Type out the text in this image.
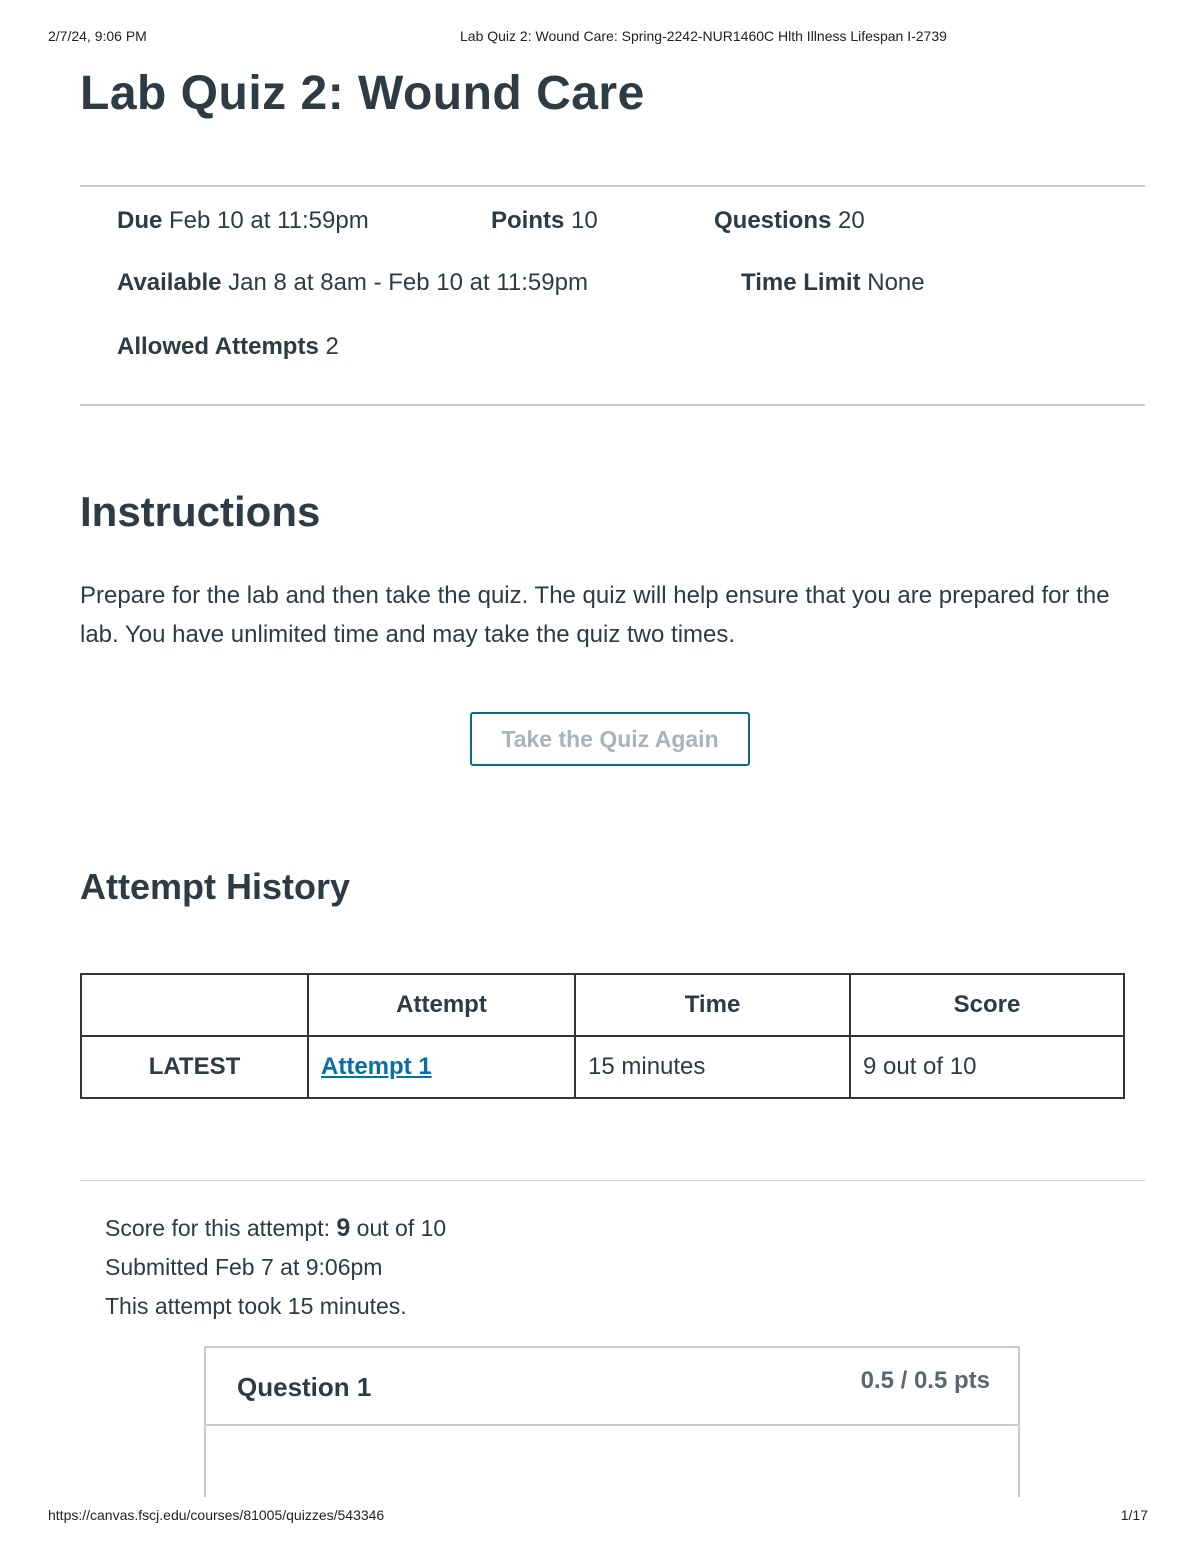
2/7/24, 9:06 PM	Lab Quiz 2: Wound Care: Spring-2242-NUR1460C Hlth Illness Lifespan I-2739
Lab Quiz 2: Wound Care
Due Feb 10 at 11:59pm	Points 10	Questions 20
Available Jan 8 at 8am - Feb 10 at 11:59pm	Time Limit None
Allowed Attempts 2
Instructions
Prepare for the lab and then take the quiz. The quiz will help ensure that you are prepared for the lab. You have unlimited time and may take the quiz two times.
Take the Quiz Again
Attempt History
	Attempt	Time	Score
LATEST	Attempt 1	15 minutes	9 out of 10
Score for this attempt: 9 out of 10
Submitted Feb 7 at 9:06pm
This attempt took 15 minutes.
Question 1	0.5 / 0.5 pts
https://canvas.fscj.edu/courses/81005/quizzes/543346	1/17
